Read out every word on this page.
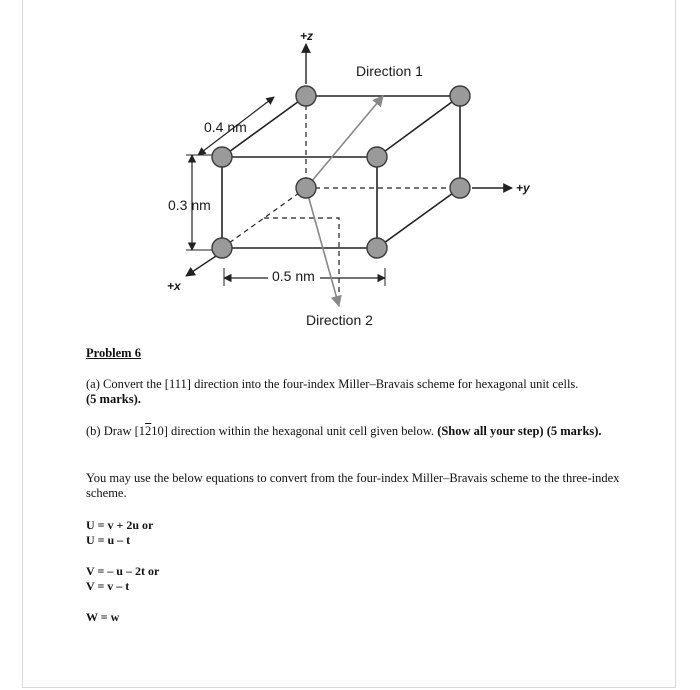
+z
+y
+x
0.4 nm
0.3 nm
0.5 nm
Direction 1
Direction 2
Problem 6
(a) Convert the [111] direction into the four-index Miller–Bravais scheme for hexagonal unit cells.
(5 marks).
(b) Draw [1210] direction within the hexagonal unit cell given below. (Show all your step) (5 marks).
You may use the below equations to convert from the four-index Miller–Bravais scheme to the three-index scheme.
U = v + 2u or
U = u – t
V = – u – 2t or
V = v – t
W = w
